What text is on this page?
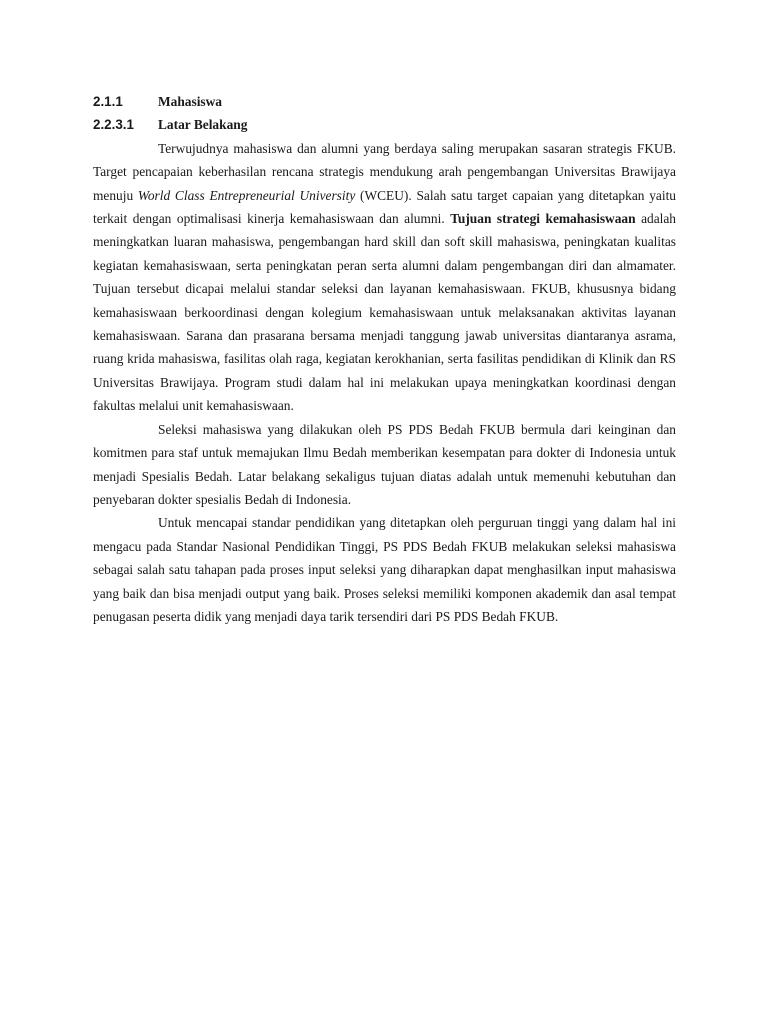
2.1.1	Mahasiswa
2.2.3.1	Latar Belakang

Terwujudnya mahasiswa dan alumni yang berdaya saling merupakan sasaran strategis FKUB. Target pencapaian keberhasilan rencana strategis mendukung arah pengembangan Universitas Brawijaya menuju World Class Entrepreneurial University (WCEU). Salah satu target capaian yang ditetapkan yaitu terkait dengan optimalisasi kinerja kemahasiswaan dan alumni. Tujuan strategi kemahasiswaan adalah meningkatkan luaran mahasiswa, pengembangan hard skill dan soft skill mahasiswa, peningkatan kualitas kegiatan kemahasiswaan, serta peningkatan peran serta alumni dalam pengembangan diri dan almamater. Tujuan tersebut dicapai melalui standar seleksi dan layanan kemahasiswaan. FKUB, khususnya bidang kemahasiswaan berkoordinasi dengan kolegium kemahasiswaan untuk melaksanakan aktivitas layanan kemahasiswaan. Sarana dan prasarana bersama menjadi tanggung jawab universitas diantaranya asrama, ruang krida mahasiswa, fasilitas olah raga, kegiatan kerokhanian, serta fasilitas pendidikan di Klinik dan RS Universitas Brawijaya. Program studi dalam hal ini melakukan upaya meningkatkan koordinasi dengan fakultas melalui unit kemahasiswaan.

Seleksi mahasiswa yang dilakukan oleh PS PDS Bedah FKUB bermula dari keinginan dan komitmen para staf untuk memajukan Ilmu Bedah memberikan kesempatan para dokter di Indonesia untuk menjadi Spesialis Bedah. Latar belakang sekaligus tujuan diatas adalah untuk memenuhi kebutuhan dan penyebaran dokter spesialis Bedah di Indonesia.

Untuk mencapai standar pendidikan yang ditetapkan oleh perguruan tinggi yang dalam hal ini mengacu pada Standar Nasional Pendidikan Tinggi, PS PDS Bedah FKUB melakukan seleksi mahasiswa sebagai salah satu tahapan pada proses input seleksi yang diharapkan dapat menghasilkan input mahasiswa yang baik dan bisa menjadi output yang baik. Proses seleksi memiliki komponen akademik dan asal tempat penugasan peserta didik yang menjadi daya tarik tersendiri dari PS PDS Bedah FKUB.
